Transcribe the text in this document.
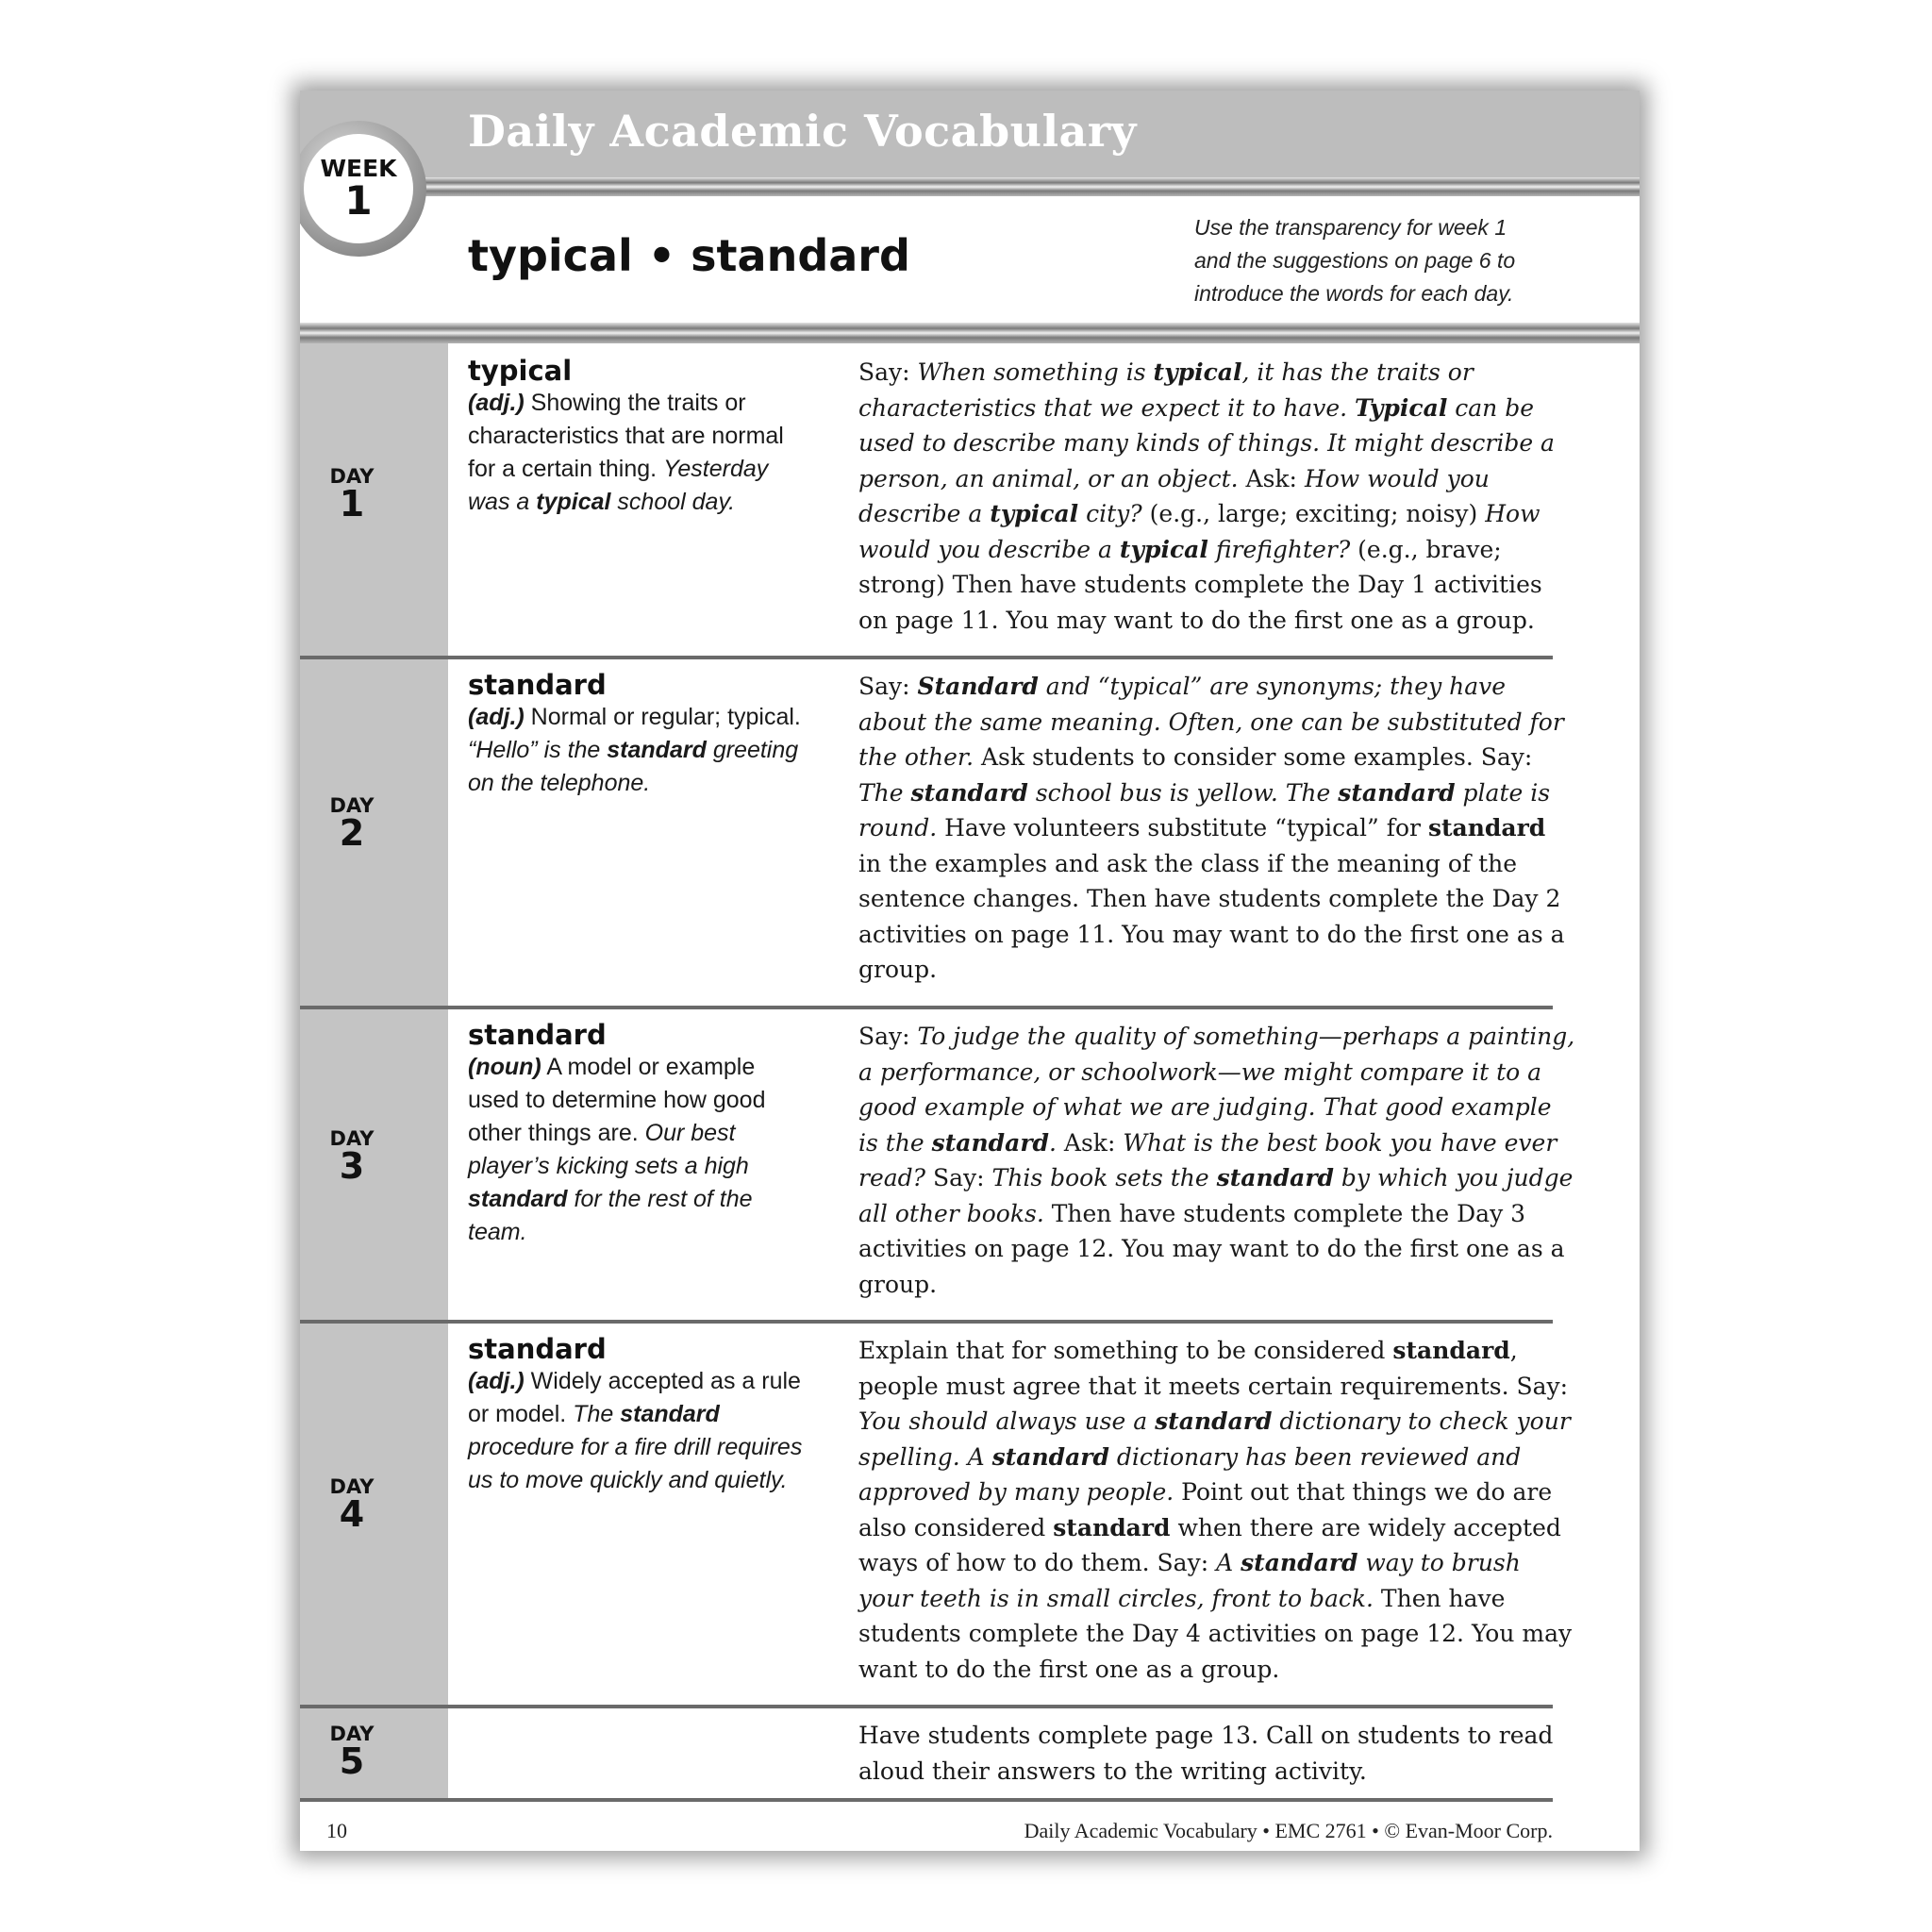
Daily Academic Vocabulary
WEEK
1
typical • standard
Use the transparency for week 1
and the suggestions on page 6 to
introduce the words for each day.
DAY
1
typical
(adj.) Showing the traits or characteristics that are normal for a certain thing. Yesterday was a typical school day.
Say: When something is typical, it has the traits or characteristics that we expect it to have. Typical can be used to describe many kinds of things. It might describe a person, an animal, or an object. Ask: How would you describe a typical city? (e.g., large; exciting; noisy) How would you describe a typical firefighter? (e.g., brave; strong) Then have students complete the Day 1 activities on page 11. You may want to do the first one as a group.
DAY
2
standard
(adj.) Normal or regular; typical. “Hello” is the standard greeting on the telephone.
Say: Standard and “typical” are synonyms; they have about the same meaning. Often, one can be substituted for the other. Ask students to consider some examples. Say: The standard school bus is yellow. The standard plate is round. Have volunteers substitute “typical” for standard in the examples and ask the class if the meaning of the sentence changes. Then have students complete the Day 2 activities on page 11. You may want to do the first one as a group.
DAY
3
standard
(noun) A model or example used to determine how good other things are. Our best player’s kicking sets a high standard for the rest of the team.
Say: To judge the quality of something—perhaps a painting, a performance, or schoolwork—we might compare it to a good example of what we are judging. That good example is the standard. Ask: What is the best book you have ever read? Say: This book sets the standard by which you judge all other books. Then have students complete the Day 3 activities on page 12. You may want to do the first one as a group.
DAY
4
standard
(adj.) Widely accepted as a rule or model. The standard procedure for a fire drill requires us to move quickly and quietly.
Explain that for something to be considered standard, people must agree that it meets certain requirements. Say: You should always use a standard dictionary to check your spelling. A standard dictionary has been reviewed and approved by many people. Point out that things we do are also considered standard when there are widely accepted ways of how to do them. Say: A standard way to brush your teeth is in small circles, front to back. Then have students complete the Day 4 activities on page 12. You may want to do the first one as a group.
DAY
5
Have students complete page 13. Call on students to read aloud their answers to the writing activity.
10	Daily Academic Vocabulary • EMC 2761 • © Evan-Moor Corp.
